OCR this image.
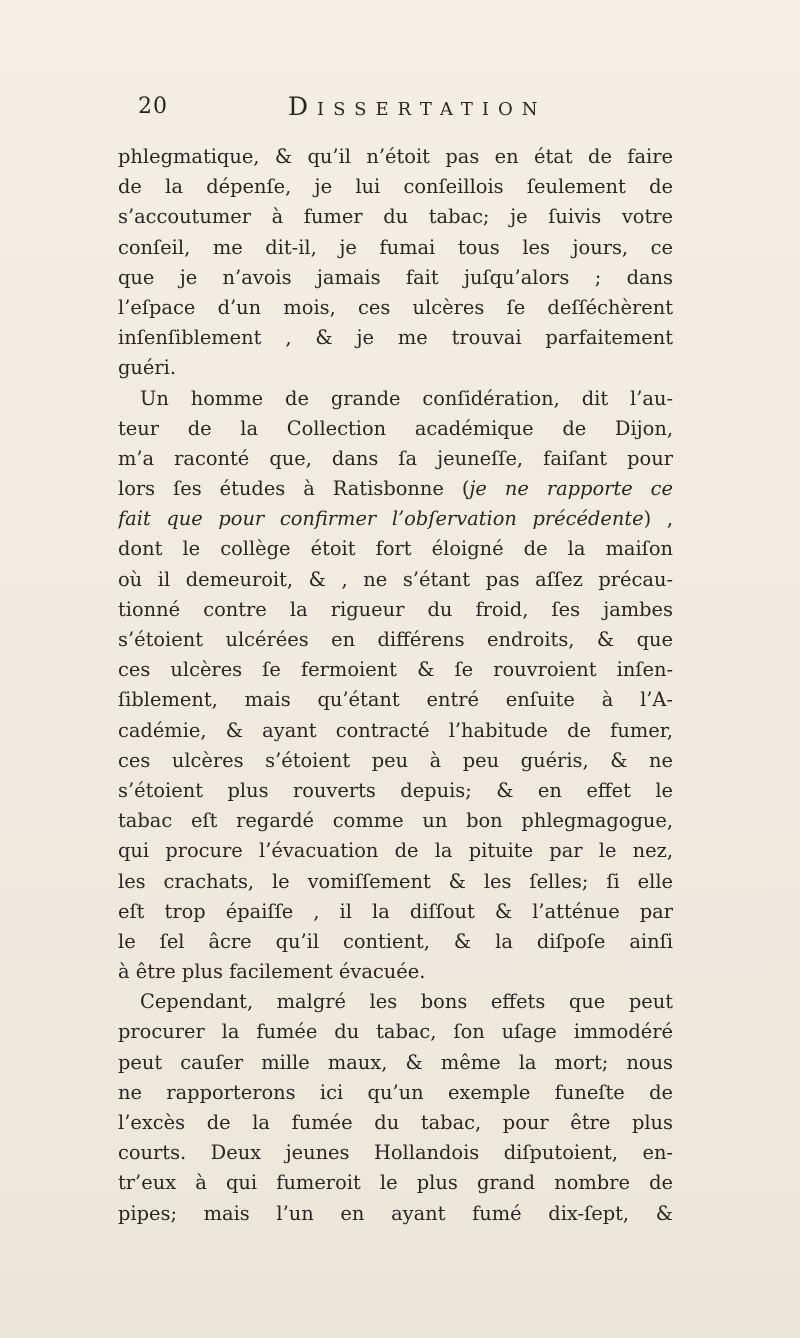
20	Dissertation
phlegmatique, & qu’il n’étoit pas en état de faire
de la dépenſe, je lui conſeillois ſeulement de
s’accoutumer à fumer du tabac; je ſuivis votre
conſeil, me dit-il, je fumai tous les jours, ce
que je n’avois jamais fait juſqu’alors ; dans
l’eſpace d’un mois, ces ulcères ſe deſſéchèrent
inſenſiblement , & je me trouvai parfaitement
guéri.
Un homme de grande conſidération, dit l’au-
teur de la Collection académique de Dijon,
m’a raconté que, dans ſa jeuneſſe, faiſant pour
lors ſes études à Ratisbonne (je ne rapporte ce
fait que pour confirmer l’obſervation précédente) ,
dont le collège étoit fort éloigné de la maiſon
où il demeuroit, & , ne s’étant pas aſſez précau-
tionné contre la rigueur du froid, ſes jambes
s’étoient ulcérées en différens endroits, & que
ces ulcères ſe fermoient & ſe rouvroient inſen-
ſiblement, mais qu’étant entré enſuite à l’A-
cadémie, & ayant contracté l’habitude de fumer,
ces ulcères s’étoient peu à peu guéris, & ne
s’étoient plus rouverts depuis; & en effet le
tabac eſt regardé comme un bon phlegmagogue,
qui procure l’évacuation de la pituite par le nez,
les crachats, le vomiſſement & les ſelles; ſi elle
eſt trop épaiſſe , il la diſſout & l’atténue par
le ſel âcre qu’il contient, & la diſpoſe ainſi
à être plus facilement évacuée.
Cependant, malgré les bons effets que peut
procurer la fumée du tabac, ſon uſage immodéré
peut cauſer mille maux, & même la mort; nous
ne rapporterons ici qu’un exemple funeſte de
l’excès de la fumée du tabac, pour être plus
courts. Deux jeunes Hollandois diſputoient, en-
tr’eux à qui fumeroit le plus grand nombre de
pipes; mais l’un en ayant fumé dix-ſept, &
